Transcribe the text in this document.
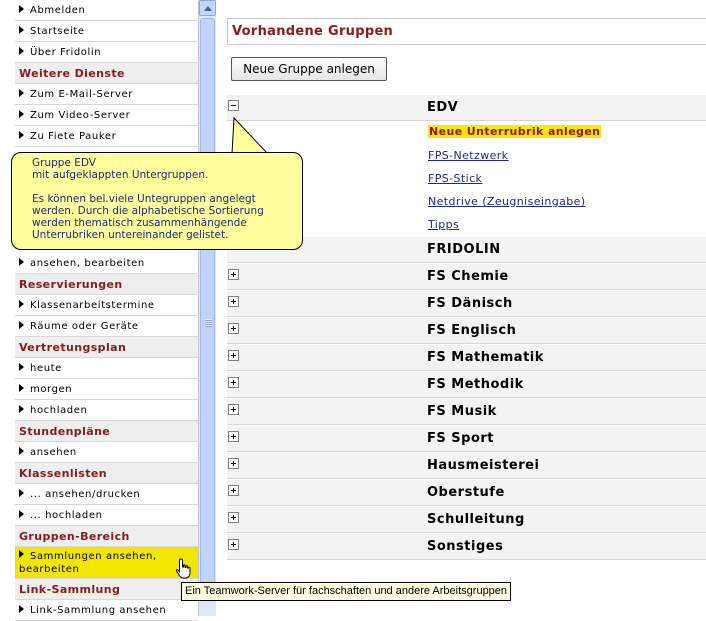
Abmelden
Startseite
Über Fridolin
Weitere Dienste
Zum E-Mail-Server
Zum Video-Server
Zu Fiete Pauker
ansehen, bearbeiten
Reservierungen
Klassenarbeitstermine
Räume oder Geräte
Vertretungsplan
heute
morgen
hochladen
Stundenpläne
ansehen
Klassenlisten
... ansehen/drucken
... hochladen
Gruppen-Bereich
Sammlungen ansehen,
bearbeiten
Link-Sammlung
Link-Sammlung ansehen
Vorhandene Gruppen
Neue Gruppe anlegen
EDV
Neue Unterrubrik anlegen
FPS-Netzwerk
FPS-Stick
Netdrive (Zeugniseingabe)
Tipps
FRIDOLIN
FS Chemie
FS Dänisch
FS Englisch
FS Mathematik
FS Methodik
FS Musik
FS Sport
Hausmeisterei
Oberstufe
Schulleitung
Sonstiges

Gruppe EDV

mit aufgeklappten Untergruppen.

Es können bel.viele Untegruppen angelegt

werden. Durch die alphabetische Sortierung

werden thematisch zusammenhängende

Unterrubriken untereinander gelistet.

Ein Teamwork-Server für fachschaften und andere Arbeitsgruppen
